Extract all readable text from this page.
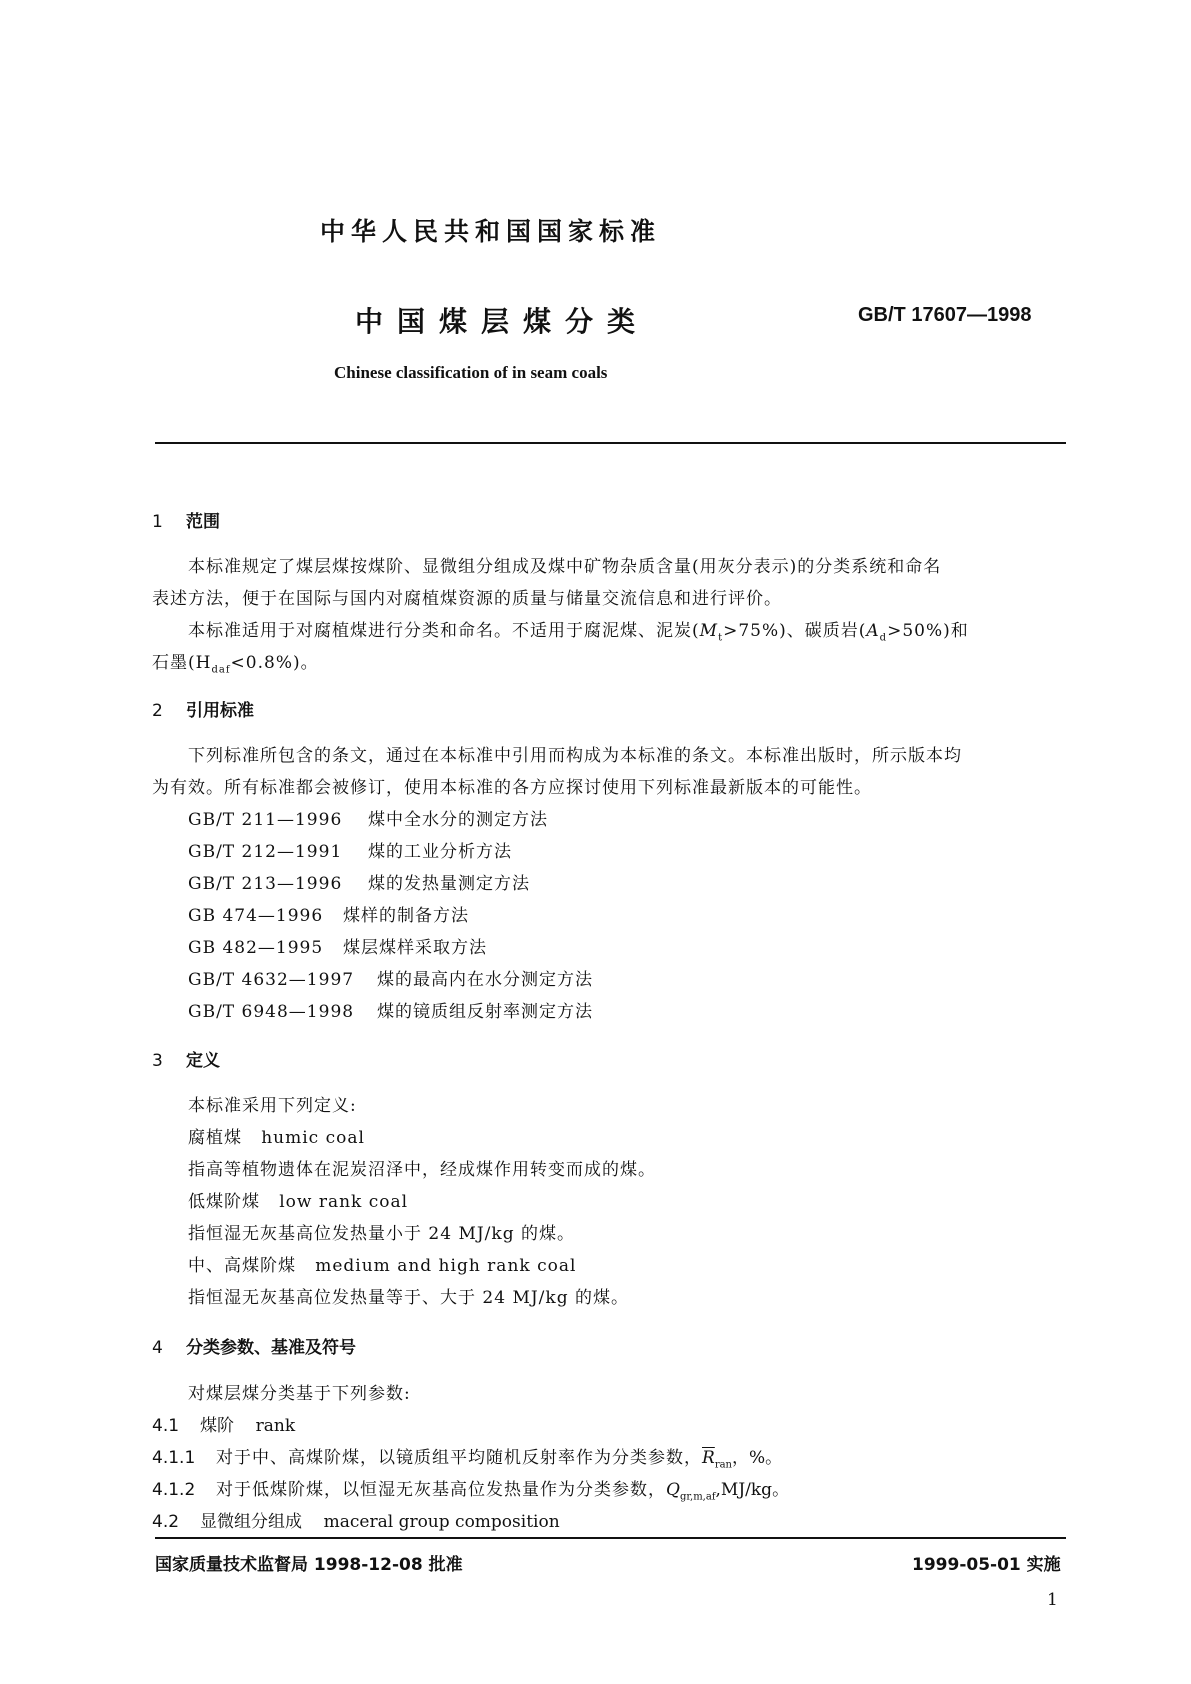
中华人民共和国国家标准
中国煤层煤分类	GB/T 17607—1998
Chinese classification of in seam coals
1 范围
本标准规定了煤层煤按煤阶、显微组分组成及煤中矿物杂质含量(用灰分表示)的分类系统和命名
表述方法，便于在国际与国内对腐植煤资源的质量与储量交流信息和进行评价。
本标准适用于对腐植煤进行分类和命名。不适用于腐泥煤、泥炭$(M_t>75\%)$、碳质岩$(A_d>50\%)$和
石墨$(H_{daf}<0.8\%)$。
2 引用标准
下列标准所包含的条文，通过在本标准中引用而构成为本标准的条文。本标准出版时，所示版本均
为有效。所有标准都会被修订，使用本标准的各方应探讨使用下列标准最新版本的可能性。
GB/T 211—1996 煤中全水分的测定方法
GB/T 212—1991 煤的工业分析方法
GB/T 213—1996 煤的发热量测定方法
GB 474—1996 煤样的制备方法
GB 482—1995 煤层煤样采取方法
GB/T 4632—1997 煤的最高内在水分测定方法
GB/T 6948—1998 煤的镜质组反射率测定方法
3 定义
本标准采用下列定义:
腐植煤 humic coal
指高等植物遗体在泥炭沼泽中，经成煤作用转变而成的煤。
低煤阶煤 low rank coal
指恒湿无灰基高位发热量小于 24 MJ/kg 的煤。
中、高煤阶煤 medium and high rank coal
指恒湿无灰基高位发热量等于、大于 24 MJ/kg 的煤。
4 分类参数、基准及符号
对煤层煤分类基于下列参数:
4.1 煤阶 rank
4.1.1 对于中、高煤阶煤，以镜质组平均随机反射率作为分类参数，$\overline{R}_{ran}$，%。
4.1.2 对于低煤阶煤，以恒湿无灰基高位发热量作为分类参数，$Q_{gr,m,af},MJ/kg$。
4.2 显微组分组成 maceral group composition
国家质量技术监督局 1998-12-08 批准	1999-05-01 实施
1
